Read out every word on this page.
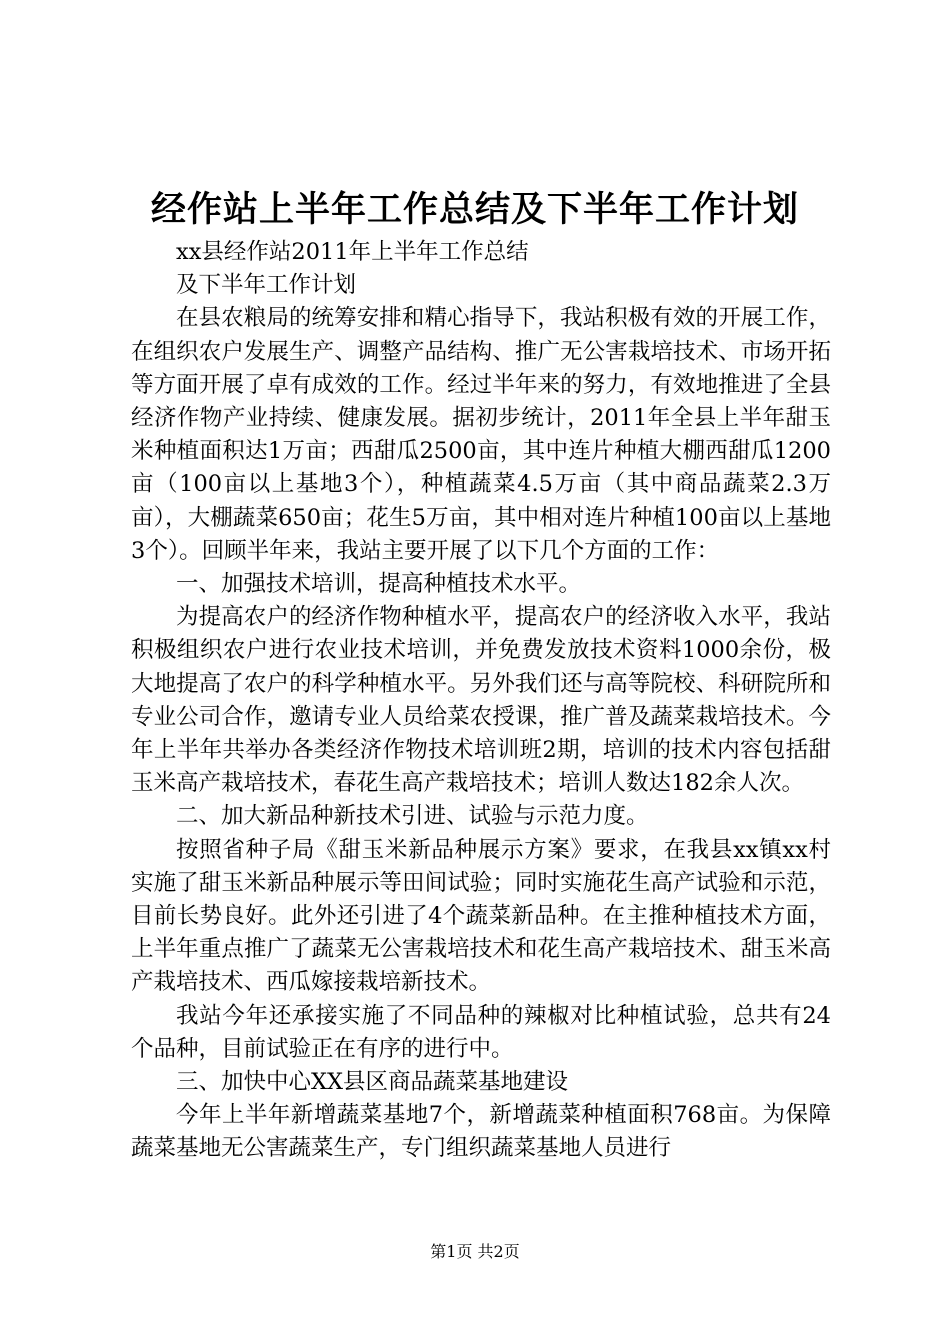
经作站上半年工作总结及下半年工作计划

xx县经作站2011年上半年工作总结

及下半年工作计划

在县农粮局的统筹安排和精心指导下，我站积极有效的开展工作，在组织农户发展生产、调整产品结构、推广无公害栽培技术、市场开拓等方面开展了卓有成效的工作。经过半年来的努力，有效地推进了全县经济作物产业持续、健康发展。据初步统计，2011年全县上半年甜玉米种植面积达1万亩；西甜瓜2500亩，其中连片种植大棚西甜瓜1200亩（100亩以上基地3个），种植蔬菜4.5万亩（其中商品蔬菜2.3万亩），大棚蔬菜650亩；花生5万亩，其中相对连片种植100亩以上基地3个）。回顾半年来，我站主要开展了以下几个方面的工作：

一、加强技术培训，提高种植技术水平。

为提高农户的经济作物种植水平，提高农户的经济收入水平，我站积极组织农户进行农业技术培训，并免费发放技术资料1000余份，极大地提高了农户的科学种植水平。另外我们还与高等院校、科研院所和专业公司合作，邀请专业人员给菜农授课，推广普及蔬菜栽培技术。今年上半年共举办各类经济作物技术培训班2期，培训的技术内容包括甜玉米高产栽培技术，春花生高产栽培技术；培训人数达182余人次。

二、加大新品种新技术引进、试验与示范力度。

按照省种子局《甜玉米新品种展示方案》要求，在我县xx镇xx村实施了甜玉米新品种展示等田间试验；同时实施花生高产试验和示范，目前长势良好。此外还引进了4个蔬菜新品种。在主推种植技术方面，上半年重点推广了蔬菜无公害栽培技术和花生高产栽培技术、甜玉米高产栽培技术、西瓜嫁接栽培新技术。

我站今年还承接实施了不同品种的辣椒对比种植试验，总共有24个品种，目前试验正在有序的进行中。

三、加快中心XX县区商品蔬菜基地建设

今年上半年新增蔬菜基地7个，新增蔬菜种植面积768亩。为保障蔬菜基地无公害蔬菜生产，专门组织蔬菜基地人员进行

第1页 共2页
